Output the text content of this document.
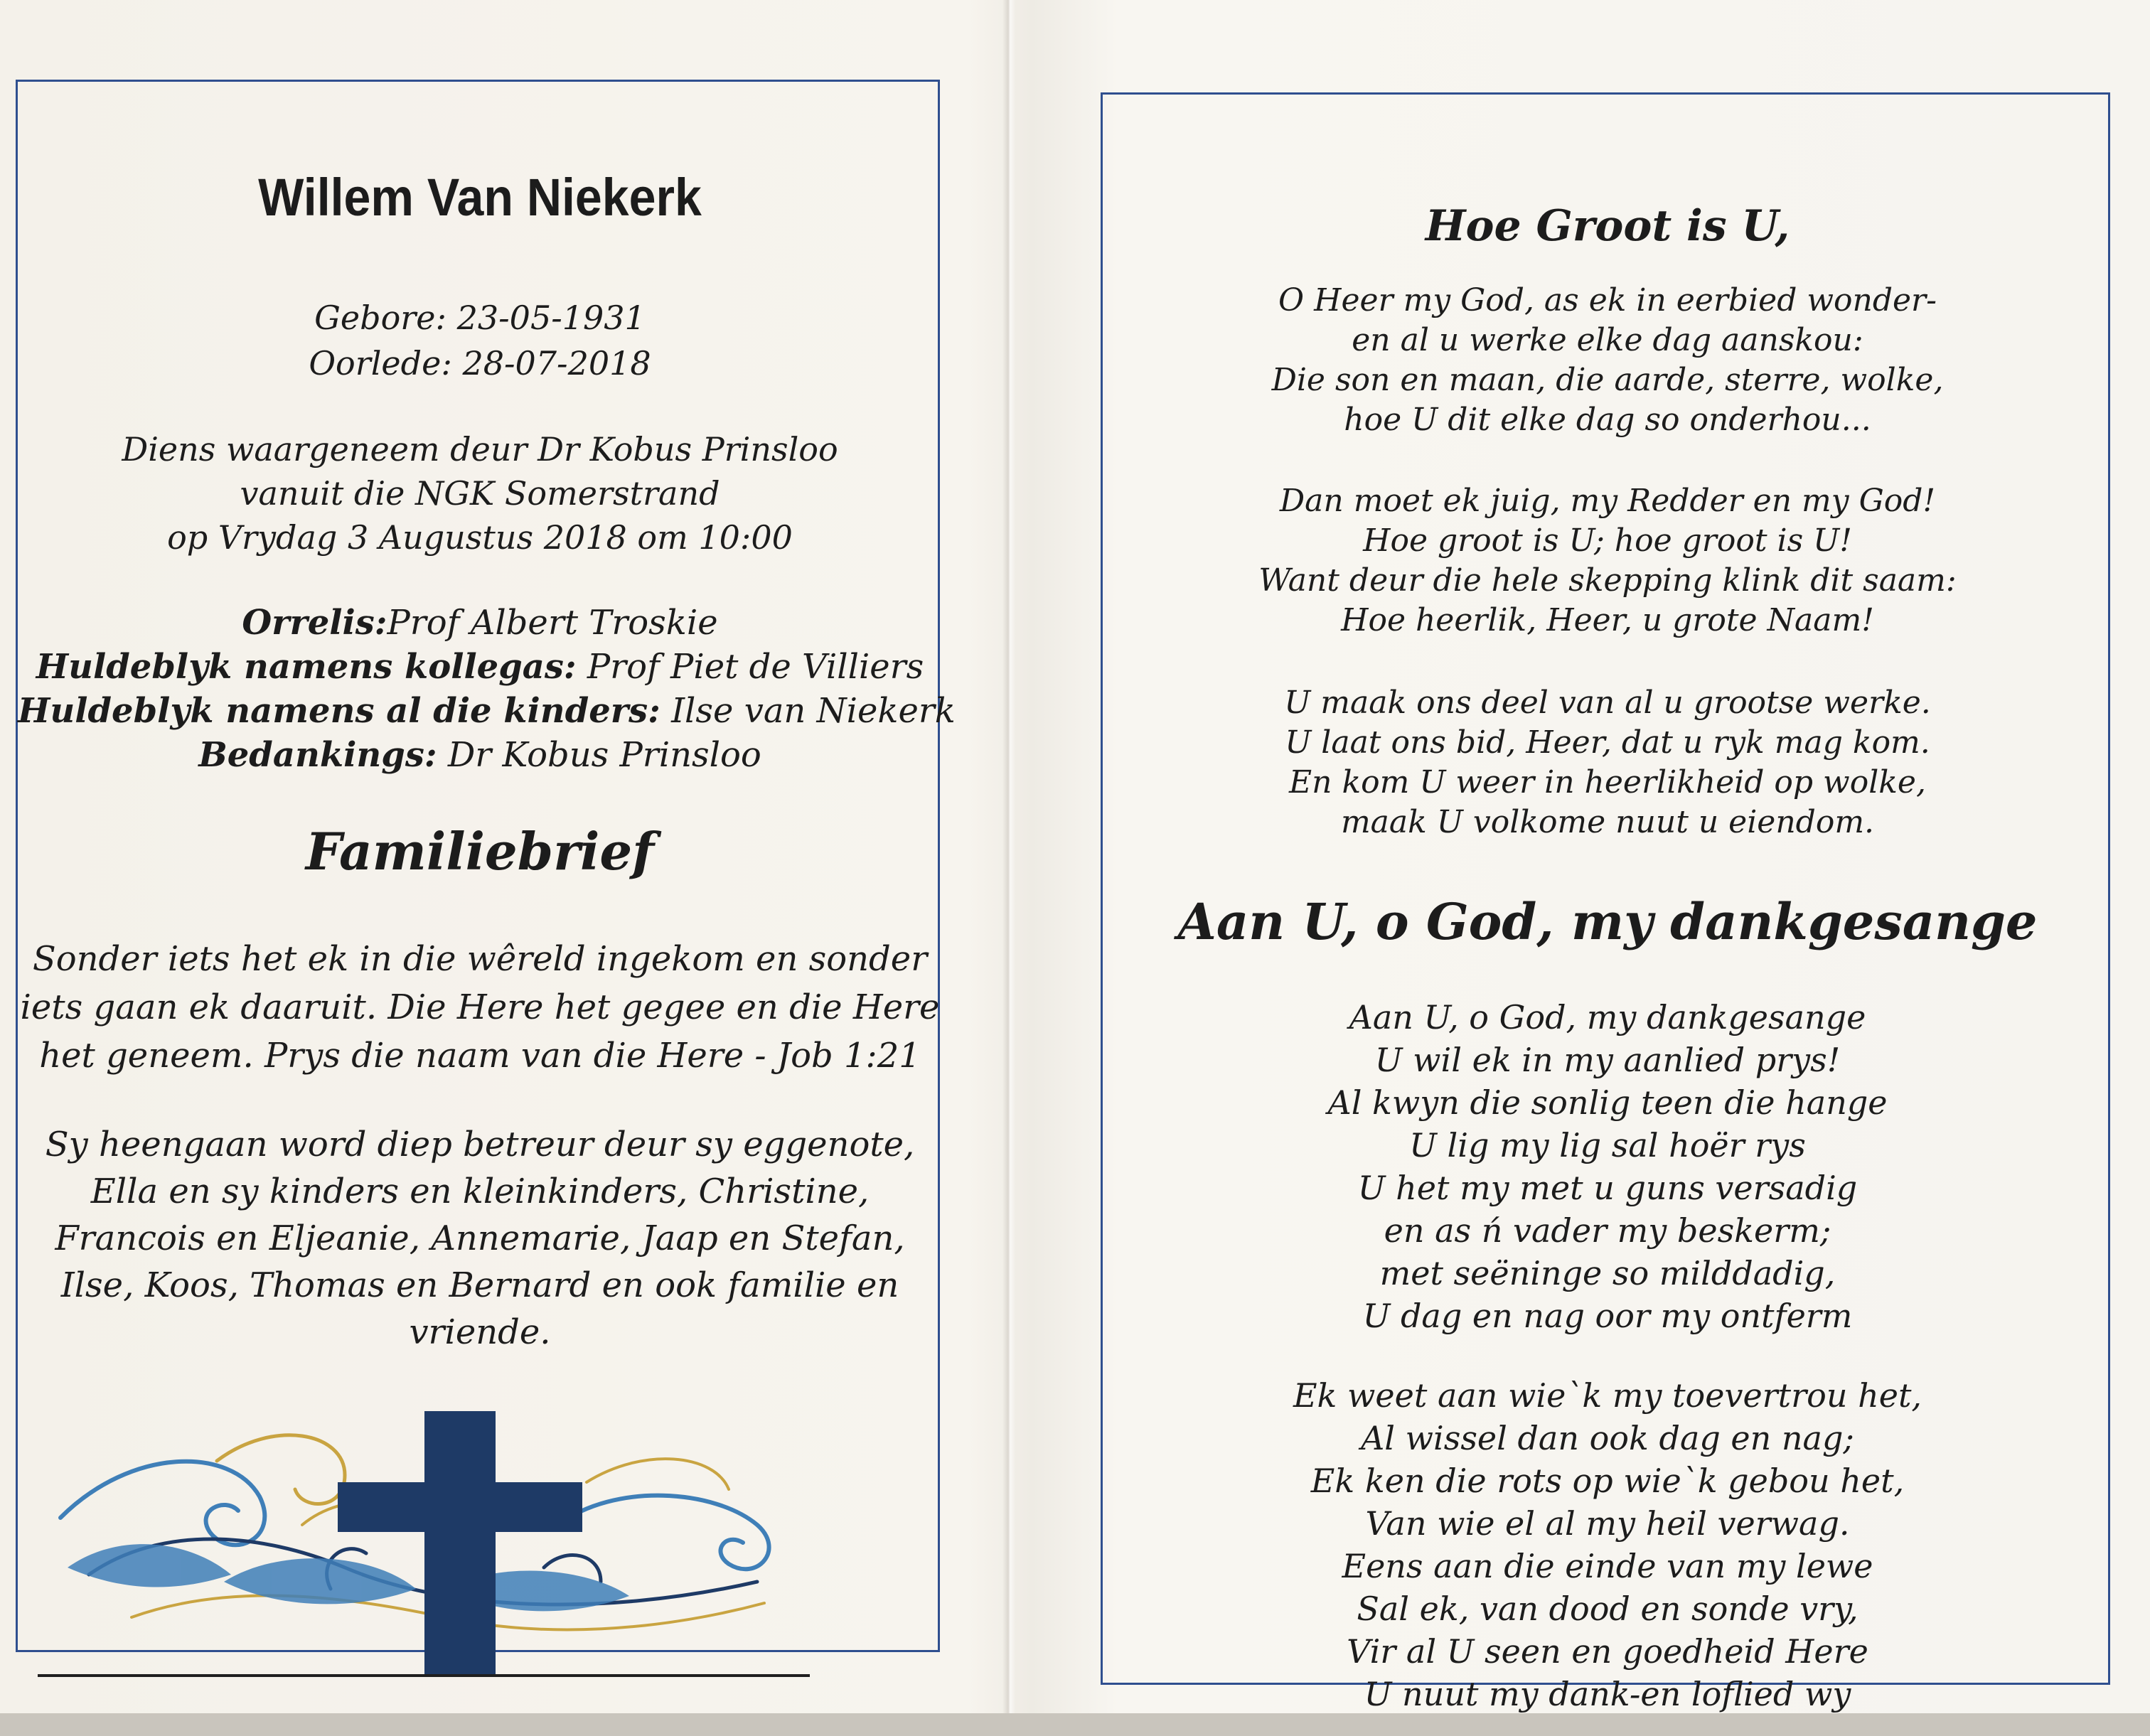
Willem Van Niekerk
Gebore: 23-05-1931
Oorlede: 28-07-2018
Diens waargeneem deur Dr Kobus Prinsloo
vanuit die NGK Somerstrand
op Vrydag 3 Augustus 2018 om 10:00
Orrelis:Prof Albert Troskie
Huldeblyk namens kollegas: Prof Piet de Villiers
Huldeblyk namens al die kinders: Ilse van Niekerk
Bedankings: Dr Kobus Prinsloo
Familiebrief
Sonder iets het ek in die wêreld ingekom en sonder
iets gaan ek daaruit. Die Here het gegee en die Here
het geneem. Prys die naam van die Here - Job 1:21
Sy heengaan word diep betreur deur sy eggenote,
Ella en sy kinders en kleinkinders, Christine,
Francois en Eljeanie, Annemarie, Jaap en Stefan,
Ilse, Koos, Thomas en Bernard en ook familie en
vriende.
Hoe Groot is U,
O Heer my God, as ek in eerbied wonder-
en al u werke elke dag aanskou:
Die son en maan, die aarde, sterre, wolke,
hoe U dit elke dag so onderhou...
Dan moet ek juig, my Redder en my God!
Hoe groot is U; hoe groot is U!
Want deur die hele skepping klink dit saam:
Hoe heerlik, Heer, u grote Naam!
U maak ons deel van al u grootse werke.
U laat ons bid, Heer, dat u ryk mag kom.
En kom U weer in heerlikheid op wolke,
maak U volkome nuut u eiendom.
Aan U, o God, my dankgesange
Aan U, o God, my dankgesange
U wil ek in my aanlied prys!
Al kwyn die sonlig teen die hange
U lig my lig sal hoër rys
U het my met u guns versadig
en as ń vader my beskerm;
met seëninge so milddadig,
U dag en nag oor my ontferm
Ek weet aan wie`k my toevertrou het,
Al wissel dan ook dag en nag;
Ek ken die rots op wie`k gebou het,
Van wie el al my heil verwag.
Eens aan die einde van my lewe
Sal ek, van dood en sonde vry,
Vir al U seen en goedheid Here
U nuut my dank-en loflied wy
